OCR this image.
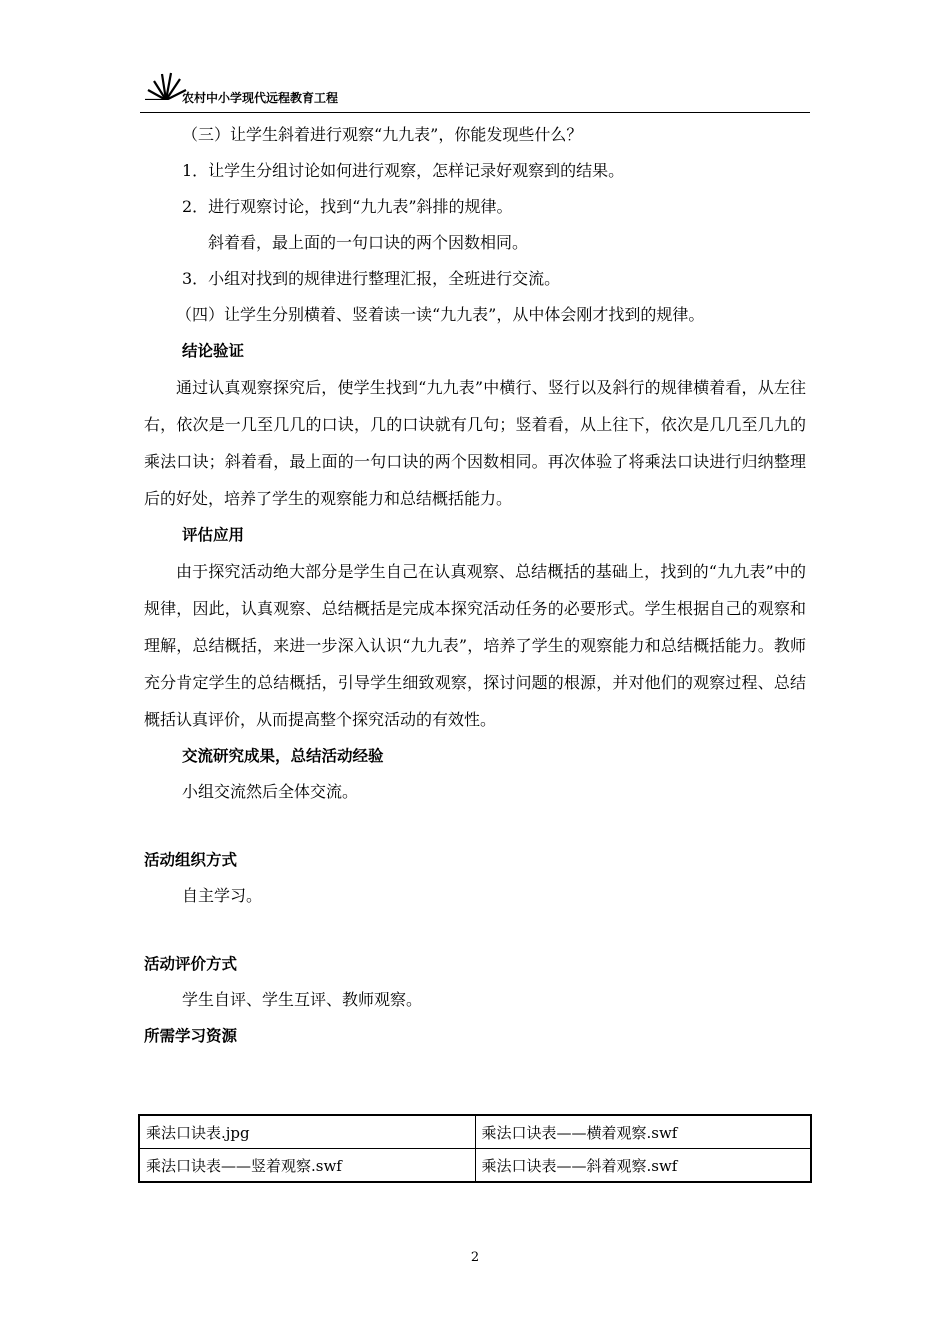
农村中小学现代远程教育工程
（三）让学生斜着进行观察“九九表”，你能发现些什么？
1．让学生分组讨论如何进行观察，怎样记录好观察到的结果。
2．进行观察讨论，找到“九九表”斜排的规律。
斜着看，最上面的一句口诀的两个因数相同。
3．小组对找到的规律进行整理汇报，全班进行交流。
（四）让学生分别横着、竖着读一读“九九表”，从中体会刚才找到的规律。
结论验证

通过认真观察探究后，使学生找到“九九表”中横行、竖行以及斜行的规律横着看，从左往右，依次是一几至几几的口诀，几的口诀就有几句；竖着看，从上往下，依次是几几至几九的乘法口诀；斜着看，最上面的一句口诀的两个因数相同。再次体验了将乘法口诀进行归纳整理后的好处，培养了学生的观察能力和总结概括能力。

评估应用

由于探究活动绝大部分是学生自己在认真观察、总结概括的基础上，找到的“九九表”中的规律，因此，认真观察、总结概括是完成本探究活动任务的必要形式。学生根据自己的观察和理解，总结概括，来进一步深入认识“九九表”，培养了学生的观察能力和总结概括能力。教师充分肯定学生的总结概括，引导学生细致观察，探讨问题的根源，并对他们的观察过程、总结概括认真评价，从而提高整个探究活动的有效性。

交流研究成果，总结活动经验
小组交流然后全体交流。
活动组织方式
自主学习。
活动评价方式
学生自评、学生互评、教师观察。
所需学习资源
乘法口诀表.jpg	乘法口诀表——横着观察.swf
乘法口诀表——竖着观察.swf	乘法口诀表——斜着观察.swf
2
